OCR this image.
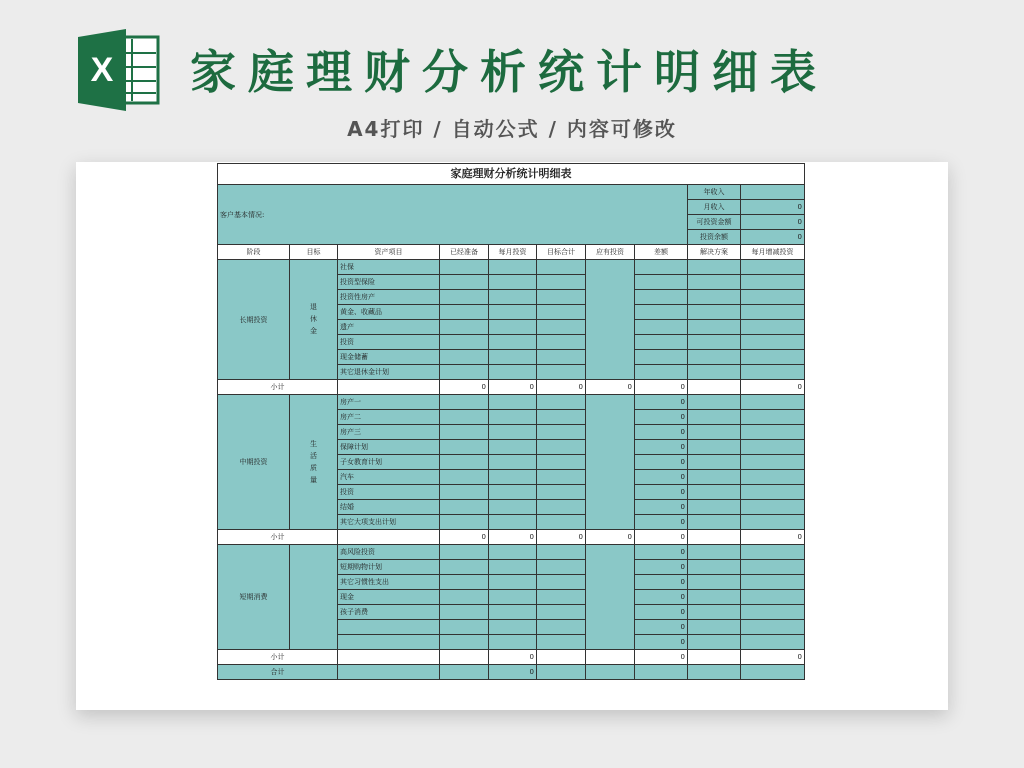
X 家庭理财分析统计明细表
A4打印 / 自动公式 / 内容可修改
家庭理财分析统计明细表									
客户基本情况:								年收入	
								月收入	0
								可投资金额	0
								投资余额	0
阶段	目标	资产项目	已经准备	每月投资	目标合计	应有投资	差额	解决方案	每月增减投资
长期投资	退休金	社保							
		投资型保险							
		投资性房产							
		黄金、收藏品							
		遗产							
		投资							
		现金储蓄							
		其它退休金计划							
小计			0	0	0	0	0		0
中期投资	生活质量	房产一					0		
		房产二					0		
		房产三					0		
		保障计划					0		
		子女教育计划					0		
		汽车					0		
		投资					0		
		结婚					0		
		其它大项支出计划					0		
小计			0	0	0	0	0		0
短期消费		高风险投资					0		
		短期购物计划					0		
		其它习惯性支出					0		
		现金					0		
		孩子消费					0		
							0		
							0		
小计				0			0		0
合计				0					
